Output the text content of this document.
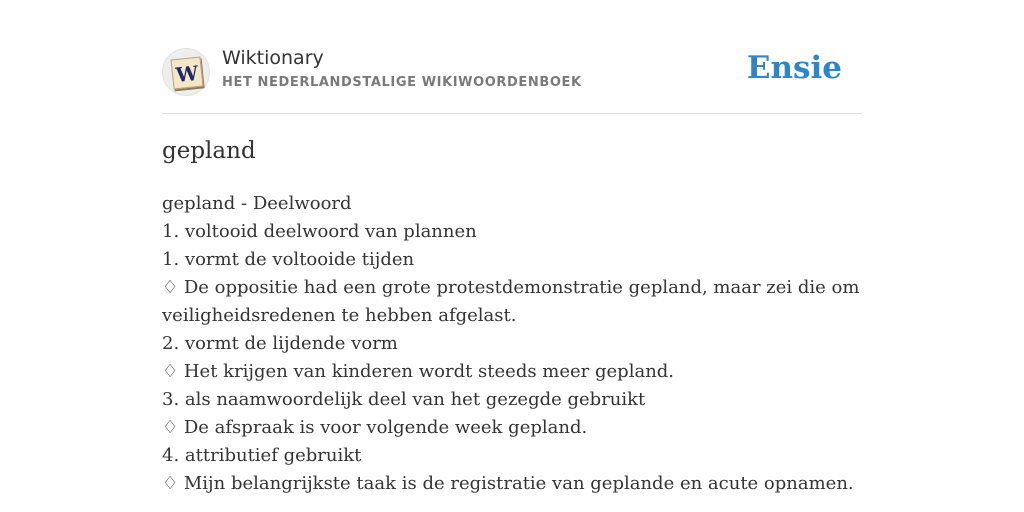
W
Wiktionary
HET NEDERLANDSTALIGE WIKIWOORDENBOEK	Ensie
gepland
gepland - Deelwoord
1. voltooid deelwoord van plannen
1. vormt de voltooide tijden
♢ De oppositie had een grote protestdemonstratie gepland, maar zei die om
veiligheidsredenen te hebben afgelast.
2. vormt de lijdende vorm
♢ Het krijgen van kinderen wordt steeds meer gepland.
3. als naamwoordelijk deel van het gezegde gebruikt
♢ De afspraak is voor volgende week gepland.
4. attributief gebruikt
♢ Mijn belangrijkste taak is de registratie van geplande en acute opnamen.
